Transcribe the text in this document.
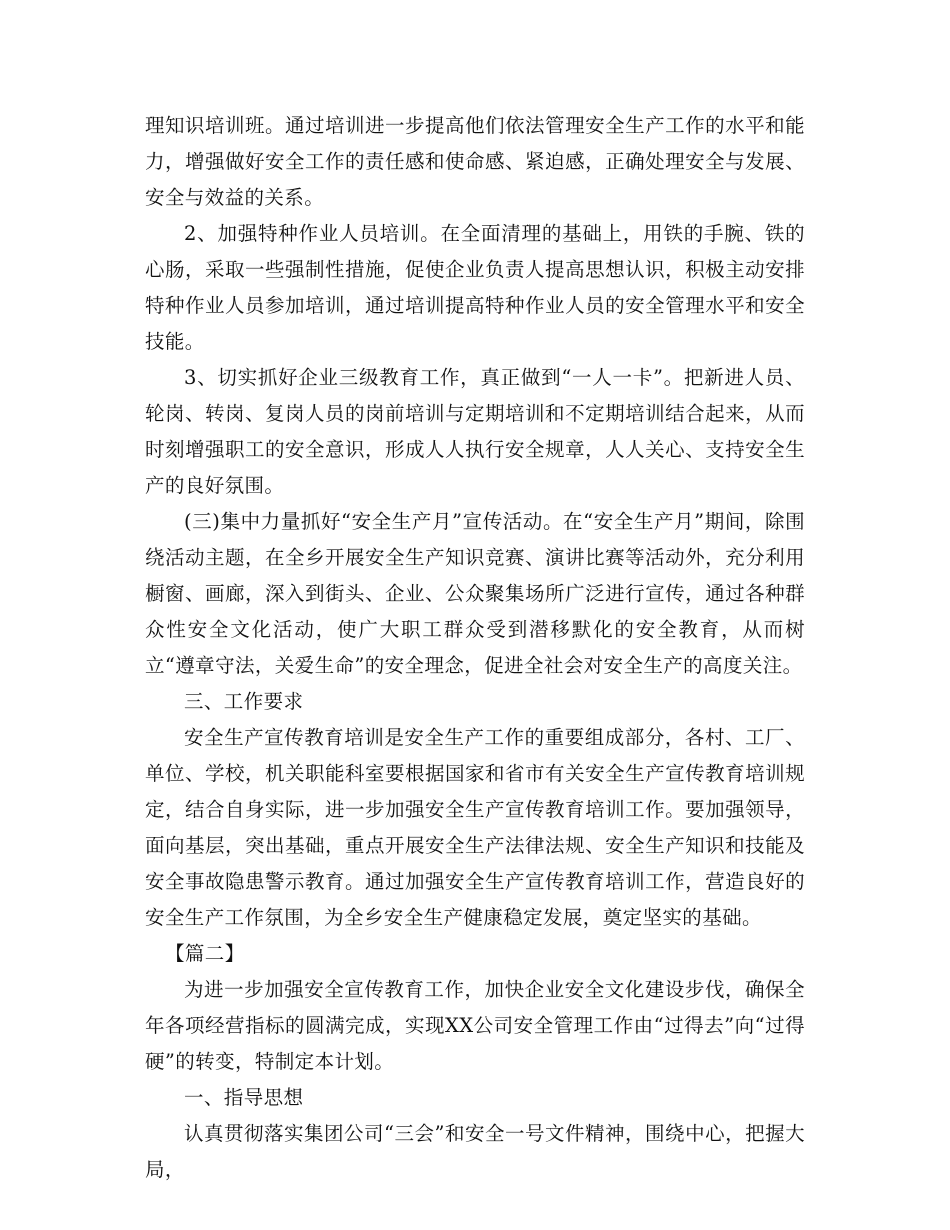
理知识培训班。通过培训进一步提高他们依法管理安全生产工作的水平和能力，增强做好安全工作的责任感和使命感、紧迫感，正确处理安全与发展、安全与效益的关系。

2、加强特种作业人员培训。在全面清理的基础上，用铁的手腕、铁的心肠，采取一些强制性措施，促使企业负责人提高思想认识，积极主动安排特种作业人员参加培训，通过培训提高特种作业人员的安全管理水平和安全技能。

3、切实抓好企业三级教育工作，真正做到“一人一卡”。把新进人员、轮岗、转岗、复岗人员的岗前培训与定期培训和不定期培训结合起来，从而时刻增强职工的安全意识，形成人人执行安全规章，人人关心、支持安全生产的良好氛围。

(三)集中力量抓好“安全生产月”宣传活动。在“安全生产月”期间，除围绕活动主题，在全乡开展安全生产知识竞赛、演讲比赛等活动外，充分利用橱窗、画廊，深入到街头、企业、公众聚集场所广泛进行宣传，通过各种群众性安全文化活动，使广大职工群众受到潜移默化的安全教育，从而树立“遵章守法，关爱生命”的安全理念，促进全社会对安全生产的高度关注。

三、工作要求

安全生产宣传教育培训是安全生产工作的重要组成部分，各村、工厂、单位、学校，机关职能科室要根据国家和省市有关安全生产宣传教育培训规定，结合自身实际，进一步加强安全生产宣传教育培训工作。要加强领导，面向基层，突出基础，重点开展安全生产法律法规、安全生产知识和技能及安全事故隐患警示教育。通过加强安全生产宣传教育培训工作，营造良好的安全生产工作氛围，为全乡安全生产健康稳定发展，奠定坚实的基础。

【篇二】

为进一步加强安全宣传教育工作，加快企业安全文化建设步伐，确保全年各项经营指标的圆满完成，实现XX公司安全管理工作由“过得去”向“过得硬”的转变，特制定本计划。

一、指导思想

认真贯彻落实集团公司“三会”和安全一号文件精神，围绕中心，把握大局，
